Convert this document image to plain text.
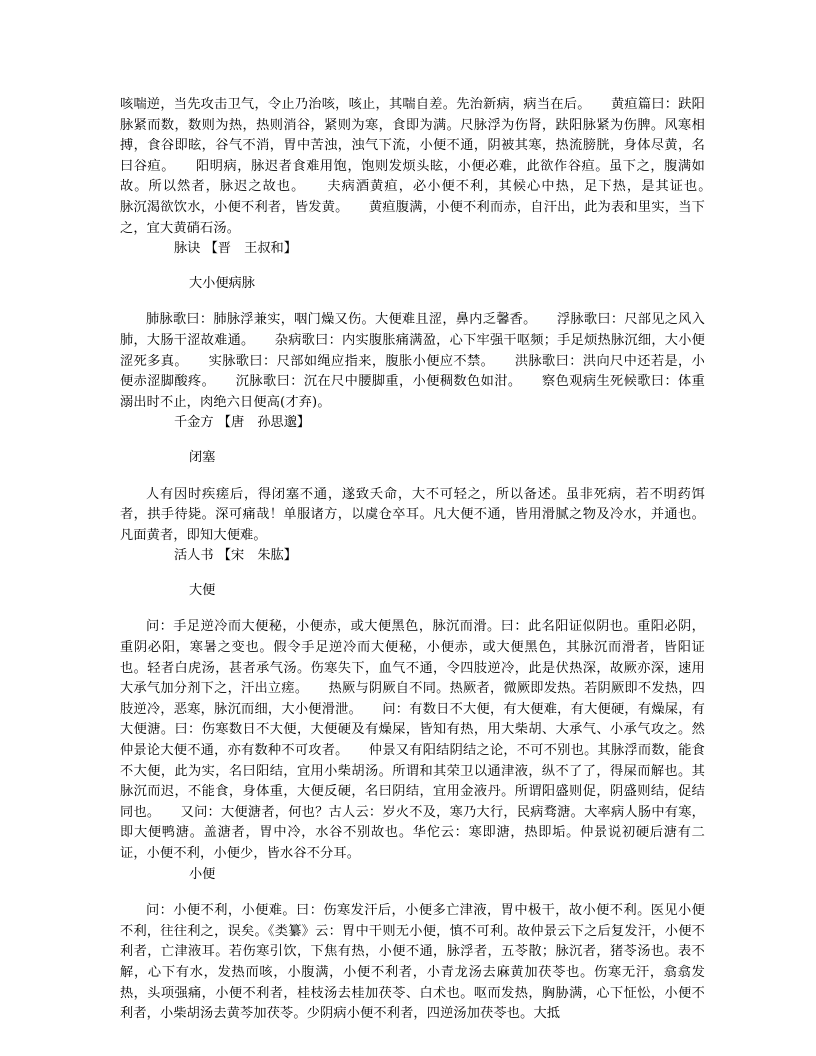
咳喘逆，当先攻击卫气，令止乃治咳，咳止，其喘自差。先治新病，病当在后。　　黄疸篇曰：趺阳脉紧而数，数则为热，热则消谷，紧则为寒，食即为满。尺脉浮为伤肾，趺阳脉紧为伤脾。风寒相搏，食谷即眩，谷气不消，胃中苦浊，浊气下流，小便不通，阴被其寒，热流膀胱，身体尽黄，名曰谷疸。　　阳明病，脉迟者食难用饱，饱则发烦头眩，小便必难，此欲作谷疸。虽下之，腹满如故。所以然者，脉迟之故也。　　夫病酒黄疸，必小便不利，其候心中热，足下热，是其证也。　　脉沉渴欲饮水，小便不利者，皆发黄。　　黄疸腹满，小便不利而赤，自汗出，此为表和里实，当下之，宜大黄硝石汤。

脉诀 【晋　王叔和】

大小便病脉

肺脉歌曰：肺脉浮兼实，咽门燥又伤。大便难且涩，鼻内乏馨香。　　浮脉歌曰：尺部见之风入肺，大肠干涩故难通。　　杂病歌曰：内实腹胀痛满盈，心下牢强干呕频；手足烦热脉沉细，大小便涩死多真。　　实脉歌曰：尺部如绳应指来，腹胀小便应不禁。　　洪脉歌曰：洪向尺中还若是，小便赤涩脚酸疼。　　沉脉歌曰：沉在尺中腰脚重，小便稠数色如泔。　　察色观病生死候歌曰：体重溺出时不止，肉绝六日便高(才弃)。

千金方 【唐　孙思邈】

闭塞

人有因时疾瘥后，得闭塞不通，遂致夭命，大不可轻之，所以备述。虽非死病，若不明药饵者，拱手待毙。深可痛哉！单服诸方，以虞仓卒耳。凡大便不通，皆用滑腻之物及冷水，并通也。凡面黄者，即知大便难。

活人书 【宋　朱肱】

大便

问：手足逆冷而大便秘，小便赤，或大便黑色，脉沉而滑。曰：此名阳证似阴也。重阳必阴，重阴必阳，寒暑之变也。假令手足逆冷而大便秘，小便赤，或大便黑色，其脉沉而滑者，皆阳证也。轻者白虎汤，甚者承气汤。伤寒失下，血气不通，令四肢逆冷，此是伏热深，故厥亦深，速用大承气加分剂下之，汗出立瘥。　　热厥与阴厥自不同。热厥者，微厥即发热。若阴厥即不发热，四肢逆冷，恶寒，脉沉而细，大小便滑泄。　　问：有数日不大便，有大便难，有大便硬，有燥屎，有大便溏。曰：伤寒数日不大便，大便硬及有燥屎，皆知有热，用大柴胡、大承气、小承气攻之。然仲景论大便不通，亦有数种不可攻者。　　仲景又有阳结阴结之论，不可不别也。其脉浮而数，能食不大便，此为实，名曰阳结，宜用小柴胡汤。所谓和其荣卫以通津液，纵不了了，得屎而解也。其脉沉而迟，不能食，身体重，大便反硬，名曰阴结，宜用金液丹。所谓阳盛则促，阴盛则结，促结同也。　　又问：大便溏者，何也？古人云：岁火不及，寒乃大行，民病骛溏。大率病人肠中有寒，即大便鸭溏。盖溏者，胃中冷，水谷不别故也。华佗云：寒即溏，热即垢。仲景说初硬后溏有二证，小便不利，小便少，皆水谷不分耳。

小便

问：小便不利，小便难。曰：伤寒发汗后，小便多亡津液，胃中极干，故小便不利。医见小便不利，往往利之，误矣。《类纂》云：胃中干则无小便，慎不可利。故仲景云下之后复发汗，小便不利者，亡津液耳。若伤寒引饮，下焦有热，小便不通，脉浮者，五苓散；脉沉者，猪苓汤也。表不解，心下有水，发热而咳，小腹满，小便不利者，小青龙汤去麻黄加茯苓也。伤寒无汗，翕翕发热，头项强痛，小便不利者，桂枝汤去桂加茯苓、白术也。呕而发热，胸胁满，心下怔忪，小便不利者，小柴胡汤去黄芩加茯苓。少阴病小便不利者，四逆汤加茯苓也。大抵
